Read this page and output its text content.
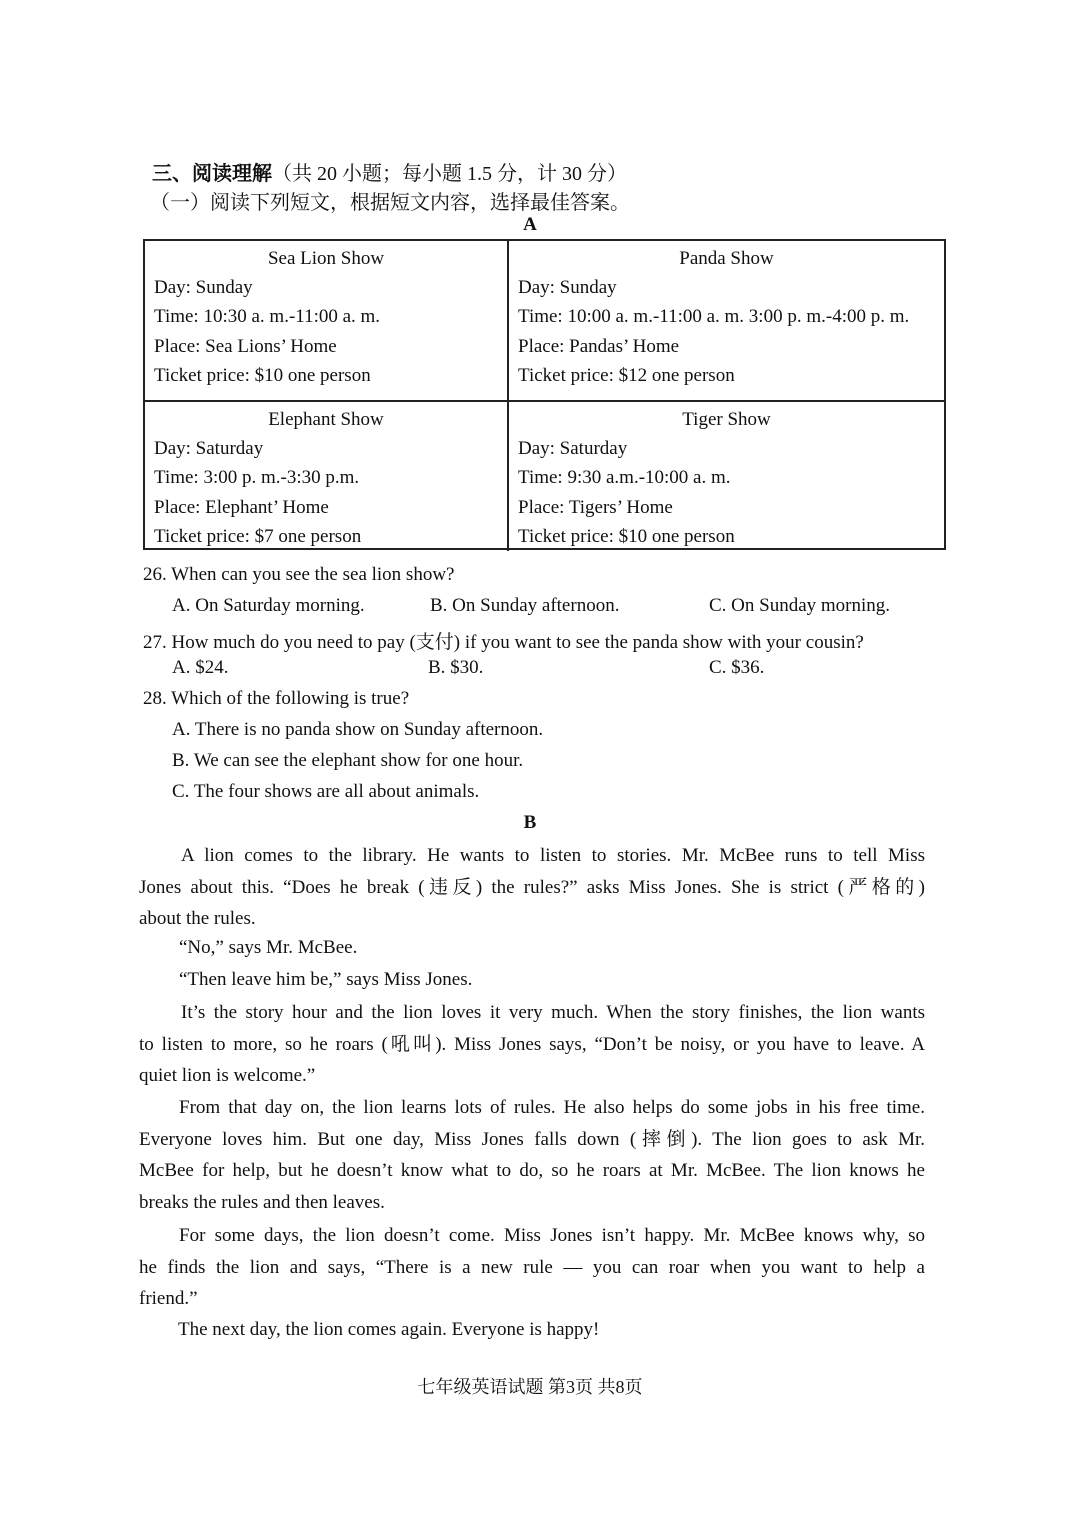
三、阅读理解（共 20 小题；每小题 1.5 分，计 30 分）
（一）阅读下列短文，根据短文内容，选择最佳答案。
A
Sea Lion Show
Day: Sunday
Time: 10:30 a. m.-11:00 a. m.
Place: Sea Lions’ Home
Ticket price: $10 one person
Panda Show
Day: Sunday
Time: 10:00 a. m.-11:00 a. m. 3:00 p. m.-4:00 p. m.
Place: Pandas’ Home
Ticket price: $12 one person
Elephant Show
Day: Saturday
Time: 3:00 p. m.-3:30 p.m.
Place: Elephant’ Home
Ticket price: $7 one person
Tiger Show
Day: Saturday
Time: 9:30 a.m.-10:00 a. m.
Place: Tigers’ Home
Ticket price: $10 one person
26. When can you see the sea lion show?
A. On Saturday morning.	B. On Sunday afternoon.	C. On Sunday morning.
27. How much do you need to pay (支付) if you want to see the panda show with your cousin?
A. $24.	B. $30.	C. $36.
28. Which of the following is true?
A. There is no panda show on Sunday afternoon.
B. We can see the elephant show for one hour.
C. The four shows are all about animals.
B
A lion comes to the library. He wants to listen to stories. Mr. McBee runs to tell Miss
Jones about this. “Does he break (违反) the rules?” asks Miss Jones. She is strict (严格的)
about the rules.
“No,” says Mr. McBee.
“Then leave him be,” says Miss Jones.
It’s the story hour and the lion loves it very much. When the story finishes, the lion wants
to listen to more, so he roars (吼叫). Miss Jones says, “Don’t be noisy, or you have to leave. A
quiet lion is welcome.”
From that day on, the lion learns lots of rules. He also helps do some jobs in his free time.
Everyone loves him. But one day, Miss Jones falls down (摔倒). The lion goes to ask Mr.
McBee for help, but he doesn’t know what to do, so he roars at Mr. McBee. The lion knows he
breaks the rules and then leaves.
For some days, the lion doesn’t come. Miss Jones isn’t happy. Mr. McBee knows why, so
he finds the lion and says, “There is a new rule — you can roar when you want to help a
friend.”
The next day, the lion comes again. Everyone is happy!
七年级英语试题 第3页 共8页
